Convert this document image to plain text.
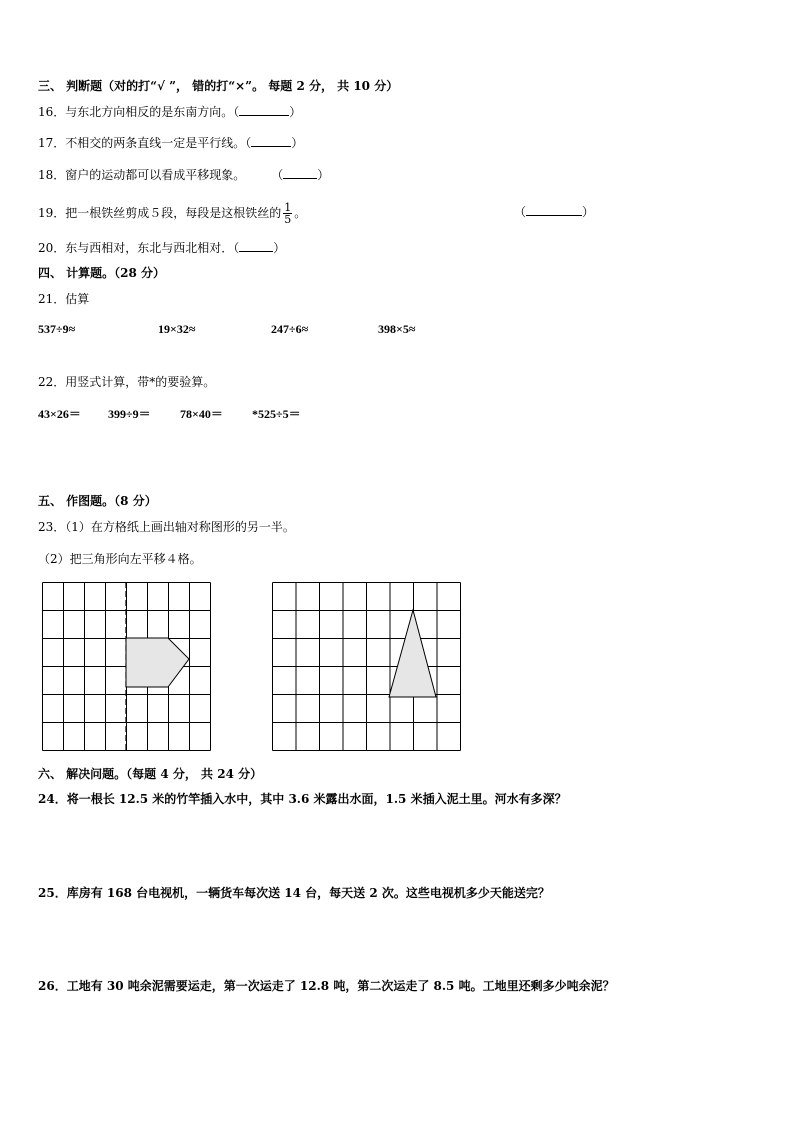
三、 判断题（对的打“√ ”， 错的打“×”。 每题 2 分， 共 10 分）
16．与东北方向相反的是东南方向。（	）
17．不相交的两条直线一定是平行线。（	）
18．窗户的运动都可以看成平移现象。 （	）
19．把一根铁丝剪成５段，每段是这根铁丝的 $\frac{1}{5}$ 。	（	）
20．东与西相对，东北与西北相对．（	）
四、 计算题。（28 分）
21．估算
537÷9≈	19×32≈	247÷6≈	398×5≈
22．用竖式计算，带*的要验算。
43×26＝ 399÷9＝ 78×40＝ *525÷5＝
五、 作图题。（8 分）
23．（1）在方格纸上画出轴对称图形的另一半。
（2）把三角形向左平移４格。
六、 解决问题。（每题 4 分， 共 24 分）
24．将一根长 12.5 米的竹竿插入水中，其中 3.6 米露出水面，1.5 米插入泥土里。河水有多深？
25．库房有 168 台电视机，一辆货车每次送 14 台，每天送 2 次。这些电视机多少天能送完？
26．工地有 30 吨余泥需要运走，第一次运走了 12.8 吨，第二次运走了 8.5 吨。工地里还剩多少吨余泥？
